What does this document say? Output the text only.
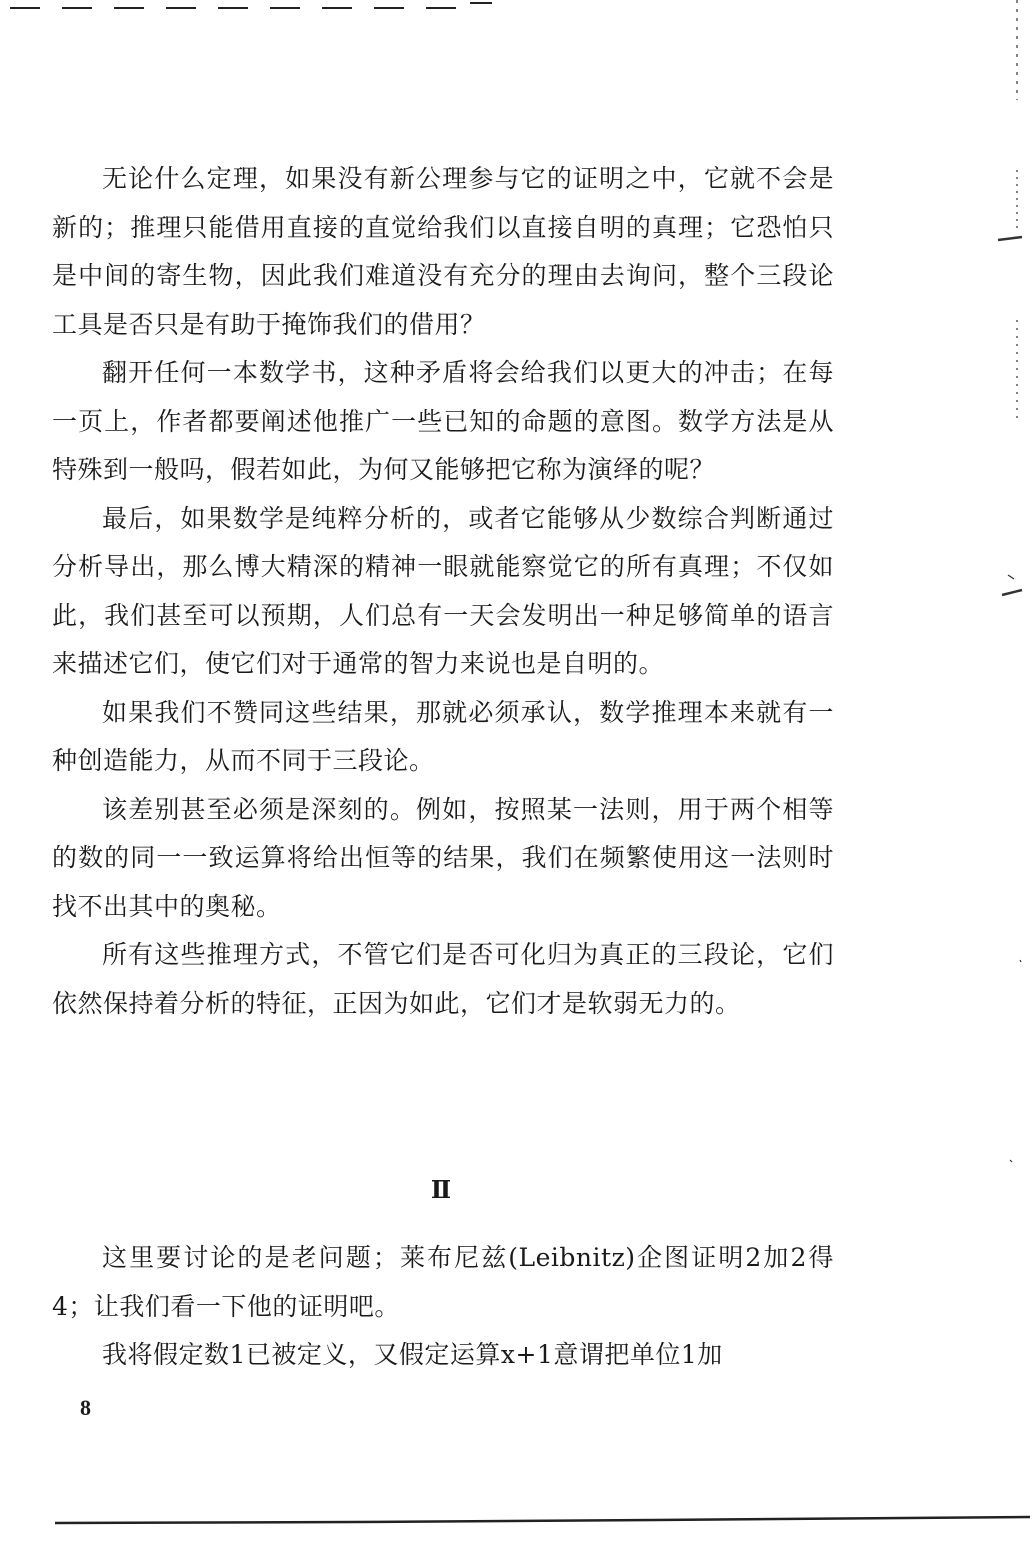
无论什么定理，如果没有新公理参与它的证明之中，它就不会是新的；推理只能借用直接的直觉给我们以直接自明的真理；它恐怕只是中间的寄生物，因此我们难道没有充分的理由去询问，整个三段论工具是否只是有助于掩饰我们的借用？

翻开任何一本数学书，这种矛盾将会给我们以更大的冲击；在每一页上，作者都要阐述他推广一些已知的命题的意图。数学方法是从特殊到一般吗，假若如此，为何又能够把它称为演绎的呢？

最后，如果数学是纯粹分析的，或者它能够从少数综合判断通过分析导出，那么博大精深的精神一眼就能察觉它的所有真理；不仅如此，我们甚至可以预期，人们总有一天会发明出一种足够简单的语言来描述它们，使它们对于通常的智力来说也是自明的。

如果我们不赞同这些结果，那就必须承认，数学推理本来就有一种创造能力，从而不同于三段论。

该差别甚至必须是深刻的。例如，按照某一法则，用于两个相等的数的同一一致运算将给出恒等的结果，我们在频繁使用这一法则时找不出其中的奥秘。

所有这些推理方式，不管它们是否可化归为真正的三段论，它们依然保持着分析的特征，正因为如此，它们才是软弱无力的。

Ⅱ

这里要讨论的是老问题；莱布尼兹(Leibnitz)企图证明2加2得4；让我们看一下他的证明吧。

我将假定数1已被定义，又假定运算x+1意谓把单位1加

8
